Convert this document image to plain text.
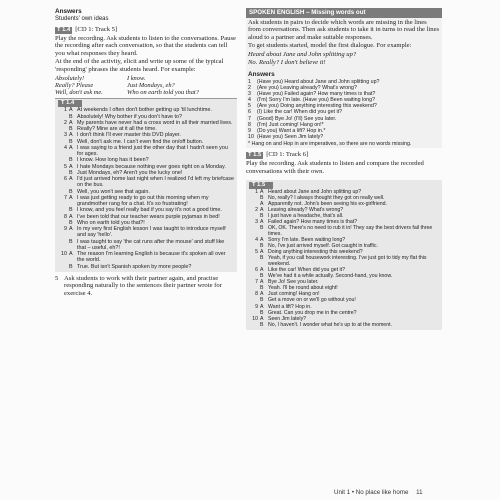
Answers

Students' own ideas

T 1.4 [CD 1: Track 5]

Play the recording. Ask students to listen to the conversations. Pause the recording after each conversation, so that the students can tell you what responses they heard.

At the end of the activity, elicit and write up some of the typical 'responding' phrases the students heard. For example:

Absolutely!	I know.
Really? Please	Just Mondays, eh?
Well, don't ask me.	Who on earth told you that?
T 1.4
1 A At weekends I often don't bother getting up 'til lunchtime.
B Absolutely! Why bother if you don't have to?
2 A My parents have never had a cross word in all their married lives.
B Really? Mine are at it all the time.
3 A I don't think I'll ever master this DVD player.
B Well, don't ask me. I can't even find the on/off button.
4 A I was saying to a friend just the other day that I hadn't seen you for ages.
B I know. How long has it been?
5 A I hate Mondays because nothing ever goes right on a Monday.
B Just Mondays, eh? Aren't you the lucky one!
6 A I'd just arrived home last night when I realized I'd left my briefcase on the bus.
B Well, you won't see that again.
7 A I was just getting ready to go out this morning when my grandmother rang for a chat. It's so frustrating!
B I know, and you feel really bad if you say it's not a good time.
8 A I've been told that our teacher wears purple pyjamas in bed!
B Who on earth told you that?!
9 A In my very first English lesson I was taught to introduce myself and say 'hello'.
B I was taught to say 'the cat runs after the mouse' and stuff like that – useful, eh?!
10 A The reason I'm learning English is because it's spoken all over the world.
B True. But isn't Spanish spoken by more people?
5 Ask students to work with their partner again, and practise responding naturally to the sentences their partner wrote for exercise 4.
SPOKEN ENGLISH – Missing words out

Ask students in pairs to decide which words are missing in the lines from conversations. Then ask students to take it in turns to read the lines aloud to a partner and make suitable responses.

To get students started, model the first dialogue. For example:

Heard about Jane and John splitting up?

No. Really? I don't believe it!

Answers

1	(Have you) Heard about Jane and John splitting up?
2	(Are you) Leaving already? What's wrong?
3	(Have you) Failed again? How many times is that?
4	(I'm) Sorry I'm late. (Have you) Been waiting long?
5	(Are you) Doing anything interesting this weekend?
6	(I) Like the car! When did you get it?
7	(Good) Bye Jo! (I'll) See you later.
8	(I'm) Just coming! Hang on!*
9	(Do you) Want a lift? Hop in.*
10 (Have you) Seen Jim lately?

* Hang on and Hop in are imperatives, so there are no words missing.

T 1.5 [CD 1: Track 6]

Play the recording. Ask students to listen and compare the recorded conversations with their own.

T 1.5
1 A Heard about Jane and John splitting up?
B No, really? I always thought they got on really well.
A Apparently not. John's been seeing his ex-girlfriend.
2 A Leaving already? What's wrong?
B I just have a headache, that's all.
3 A Failed again? How many times is that?
B OK, OK. There's no need to rub it in! They say the best drivers fail three times.
4 A Sorry I'm late. Been waiting long?
B No, I've just arrived myself. Got caught in traffic.
5 A Doing anything interesting this weekend?
B Yeah, if you call housework interesting. I've just got to tidy my flat this weekend.
6 A Like the car! When did you get it?
B We've had it a while actually. Second-hand, you know.
7 A Bye Jo! See you later.
B Yeah. I'll be round about eight!
8 A Just coming! Hang on!
B Get a move on or we'll go without you!
9 A Want a lift? Hop in.
B Great. Can you drop me in the centre?
10 A Seen Jim lately?
B No, I haven't. I wonder what he's up to at the moment.
Unit 1 • No place like home 11
